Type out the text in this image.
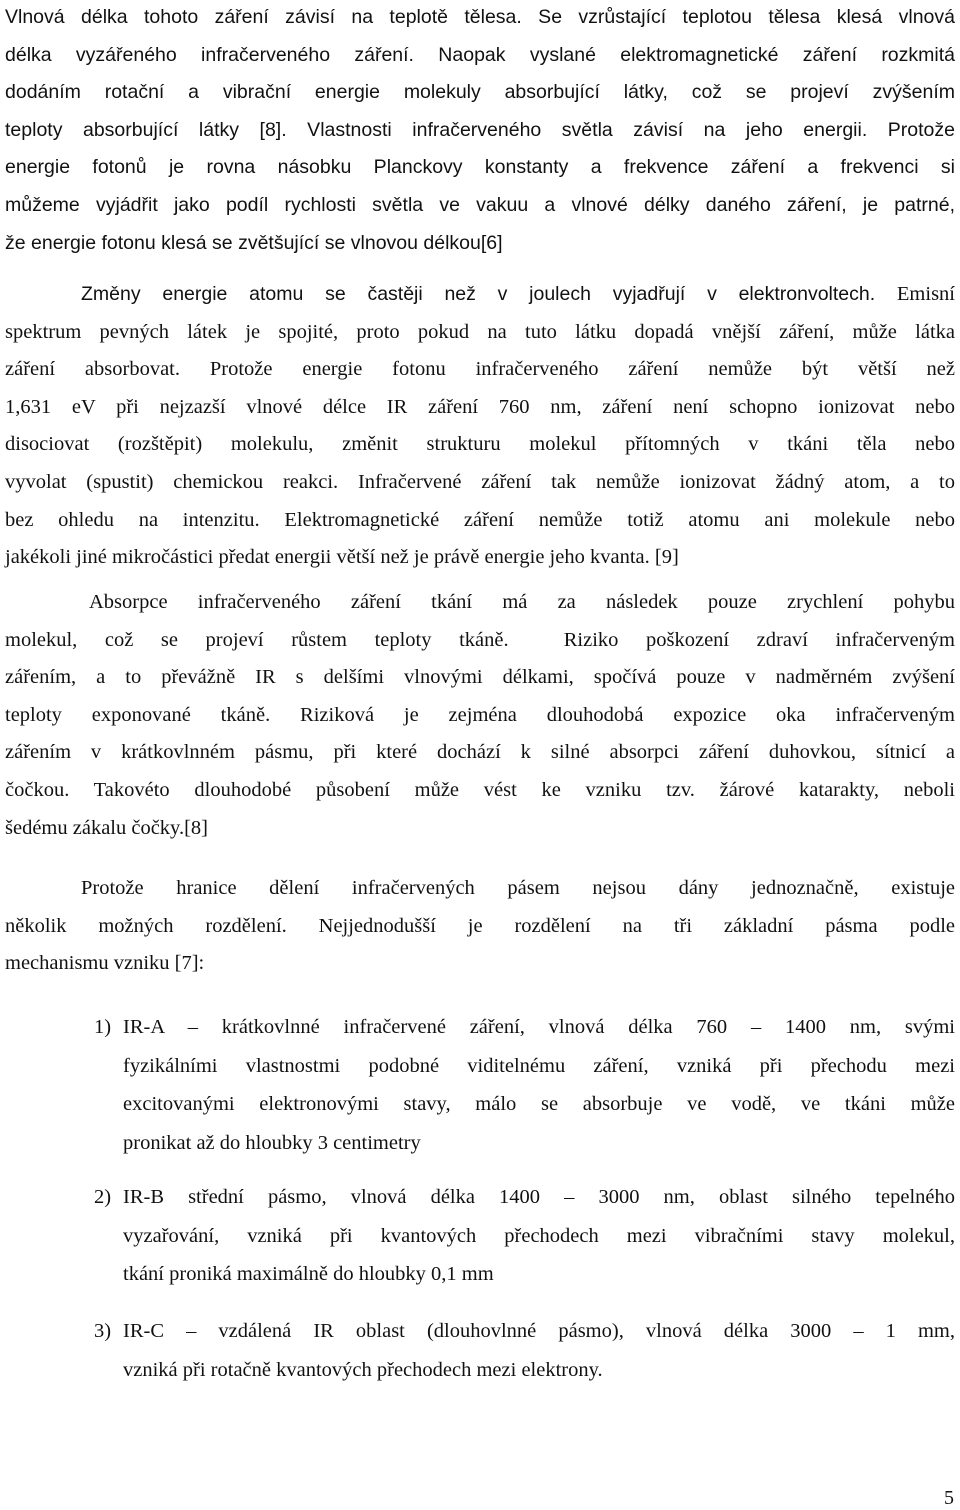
Vlnová délka tohoto záření závisí na teplotě tělesa. Se vzrůstající teplotou tělesa klesá vlnová
délka vyzářeného infračerveného záření. Naopak vyslané elektromagnetické záření rozkmitá
dodáním rotační a vibrační energie molekuly absorbující látky, což se projeví zvýšením
teploty absorbující látky [8]. Vlastnosti infračerveného světla závisí na jeho energii. Protože
energie fotonů je rovna násobku Planckovy konstanty a frekvence záření a frekvenci si
můžeme vyjádřit jako podíl rychlosti světla ve vakuu a vlnové délky daného záření, je patrné,
že energie fotonu klesá se zvětšující se vlnovou délkou[6]
Změny energie atomu se častěji než v joulech vyjadřují v elektronvoltech. Emisní
spektrum pevných látek je spojité, proto pokud na tuto látku dopadá vnější záření, může látka
záření absorbovat. Protože energie fotonu infračerveného záření nemůže být větší než
1,631 eV při nejzazší vlnové délce IR záření 760 nm, záření není schopno ionizovat nebo
disociovat (rozštěpit) molekulu, změnit strukturu molekul přítomných v tkáni těla nebo
vyvolat (spustit) chemickou reakci. Infračervené záření tak nemůže ionizovat žádný atom, a to
bez ohledu na intenzitu. Elektromagnetické záření nemůže totiž atomu ani molekule nebo
jakékoli jiné mikročástici předat energii větší než je právě energie jeho kvanta. [9]
Absorpce infračerveného záření tkání má za následek pouze zrychlení pohybu
molekul, což se projeví růstem teploty tkáně.  Riziko poškození zdraví infračerveným
zářením, a to převážně IR s delšími vlnovými délkami, spočívá pouze v nadměrném zvýšení
teploty exponované tkáně. Riziková je zejména dlouhodobá expozice oka infračerveným
zářením v krátkovlnném pásmu, při které dochází k silné absorpci záření duhovkou, sítnicí a
čočkou. Takovéto dlouhodobé působení může vést ke vzniku tzv. žárové katarakty, neboli
šedému zákalu čočky.[8]
Protože hranice dělení infračervených pásem nejsou dány jednoznačně, existuje
několik možných rozdělení. Nejjednodušší je rozdělení na tři základní pásma podle
mechanismu vzniku [7]:
1) IR-A – krátkovlnné infračervené záření, vlnová délka 760 – 1400 nm, svými
fyzikálními vlastnostmi podobné viditelnému záření, vzniká při přechodu mezi
excitovanými elektronovými stavy, málo se absorbuje ve vodě, ve tkáni může
pronikat až do hloubky 3 centimetry
2) IR-B střední pásmo, vlnová délka 1400 – 3000 nm, oblast silného tepelného
vyzařování, vzniká při kvantových přechodech mezi vibračními stavy molekul,
tkání proniká maximálně do hloubky 0,1 mm
3) IR-C – vzdálená IR oblast (dlouhovlnné pásmo), vlnová délka 3000 – 1 mm,
vzniká při rotačně kvantových přechodech mezi elektrony.
5
